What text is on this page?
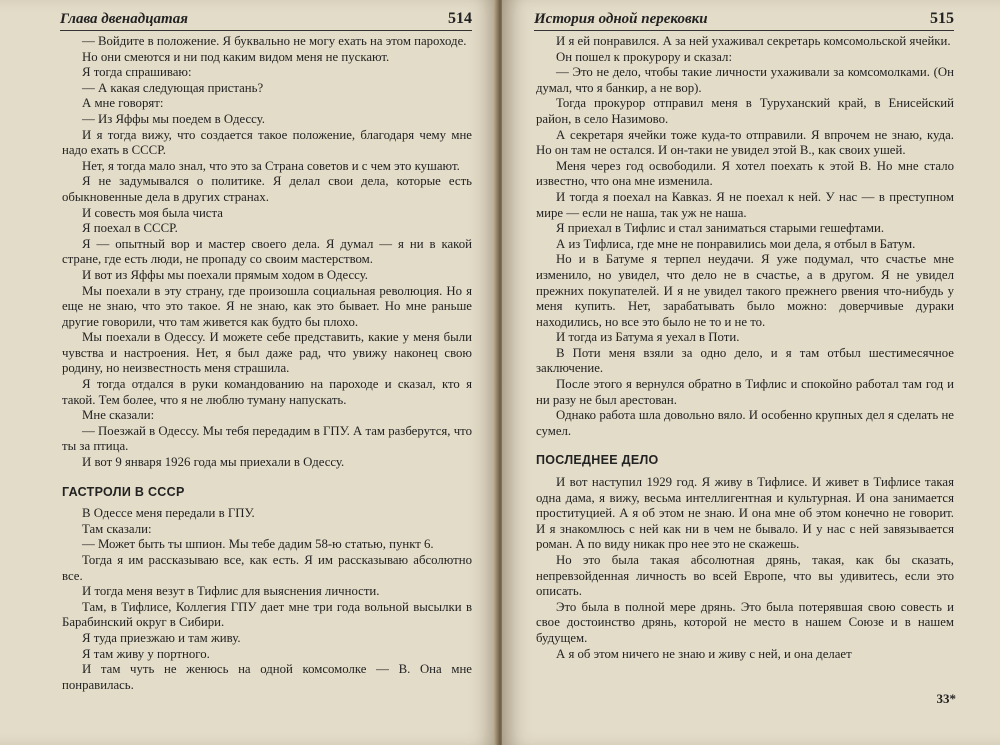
Глава двенадцатая	514

— Войдите в положение. Я буквально не могу ехать на этом пароходе.

Но они смеются и ни под каким видом меня не пускают.

Я тогда спрашиваю:

— А какая следующая пристань?

А мне говорят:

— Из Яффы мы поедем в Одессу.

И я тогда вижу, что создается такое положение, благодаря чему мне надо ехать в СССР.

Нет, я тогда мало знал, что это за Страна советов и с чем это кушают.

Я не задумывался о политике. Я делал свои дела, которые есть обыкновенные дела в других странах.

И совесть моя была чиста

Я поехал в СССР.

Я — опытный вор и мастер своего дела. Я думал — я ни в какой стране, где есть люди, не пропаду со своим мастерством.

И вот из Яффы мы поехали прямым ходом в Одессу.

Мы поехали в эту страну, где произошла социальная революция. Но я еще не знаю, что это такое. Я не знаю, как это бывает. Но мне раньше другие говорили, что там живется как будто бы плохо.

Мы поехали в Одессу. И можете себе представить, какие у меня были чувства и настроения. Нет, я был даже рад, что увижу наконец свою родину, но неизвестность меня страшила.

Я тогда отдался в руки командованию на пароходе и сказал, кто я такой. Тем более, что я не люблю туману напускать.

Мне сказали:

— Поезжай в Одессу. Мы тебя передадим в ГПУ. А там разберутся, что ты за птица.

И вот 9 января 1926 года мы приехали в Одессу.

ГАСТРОЛИ В СССР

В Одессе меня передали в ГПУ.

Там сказали:

— Может быть ты шпион. Мы тебе дадим 58-ю статью, пункт 6.

Тогда я им рассказываю все, как есть. Я им рассказываю абсолютно все.

И тогда меня везут в Тифлис для выяснения личности.

Там, в Тифлисе, Коллегия ГПУ дает мне три года вольной высылки в Барабинский округ в Сибири.

Я туда приезжаю и там живу.

Я там живу у портного.

И там чуть не женюсь на одной комсомолке — В. Она мне понравилась.

История одной перековки	515

И я ей понравился. А за ней ухаживал секретарь комсомольской ячейки.

Он пошел к прокурору и сказал:

— Это не дело, чтобы такие личности ухаживали за комсомолками. (Он думал, что я банкир, а не вор).

Тогда прокурор отправил меня в Туруханский край, в Енисейский район, в село Назимово.

А секретаря ячейки тоже куда-то отправили. Я впрочем не знаю, куда. Но он там не остался. И он-таки не увидел этой В., как своих ушей.

Меня через год освободили. Я хотел поехать к этой В. Но мне стало известно, что она мне изменила.

И тогда я поехал на Кавказ. Я не поехал к ней. У нас — в преступном мире — если не наша, так уж не наша.

Я приехал в Тифлис и стал заниматься старыми гешефтами.

А из Тифлиса, где мне не понравились мои дела, я отбыл в Батум.

Но и в Батуме я терпел неудачи. Я уже подумал, что счастье мне изменило, но увидел, что дело не в счастье, а в другом. Я не увидел прежних покупателей. И я не увидел такого прежнего рвения что-нибудь у меня купить. Нет, зарабатывать было можно: доверчивые дураки находились, но все это было не то и не то.

И тогда из Батума я уехал в Поти.

В Поти меня взяли за одно дело, и я там отбыл шестимесячное заключение.

После этого я вернулся обратно в Тифлис и спокойно работал там год и ни разу не был арестован.

Однако работа шла довольно вяло. И особенно крупных дел я сделать не сумел.

ПОСЛЕДНЕЕ ДЕЛО

И вот наступил 1929 год. Я живу в Тифлисе. И живет в Тифлисе такая одна дама, я вижу, весьма интеллигентная и культурная. И она занимается проституцией. А я об этом не знаю. И она мне об этом конечно не говорит. И я знакомлюсь с ней как ни в чем не бывало. И у нас с ней завязывается роман. А по виду никак про нее это не скажешь.

Но это была такая абсолютная дрянь, такая, как бы сказать, непревзойденная личность во всей Европе, что вы удивитесь, если это описать.

Это была в полной мере дрянь. Это была потерявшая свою совесть и свое достоинство дрянь, которой не место в нашем Союзе и в нашем будущем.

А я об этом ничего не знаю и живу с ней, и она делает

33*
